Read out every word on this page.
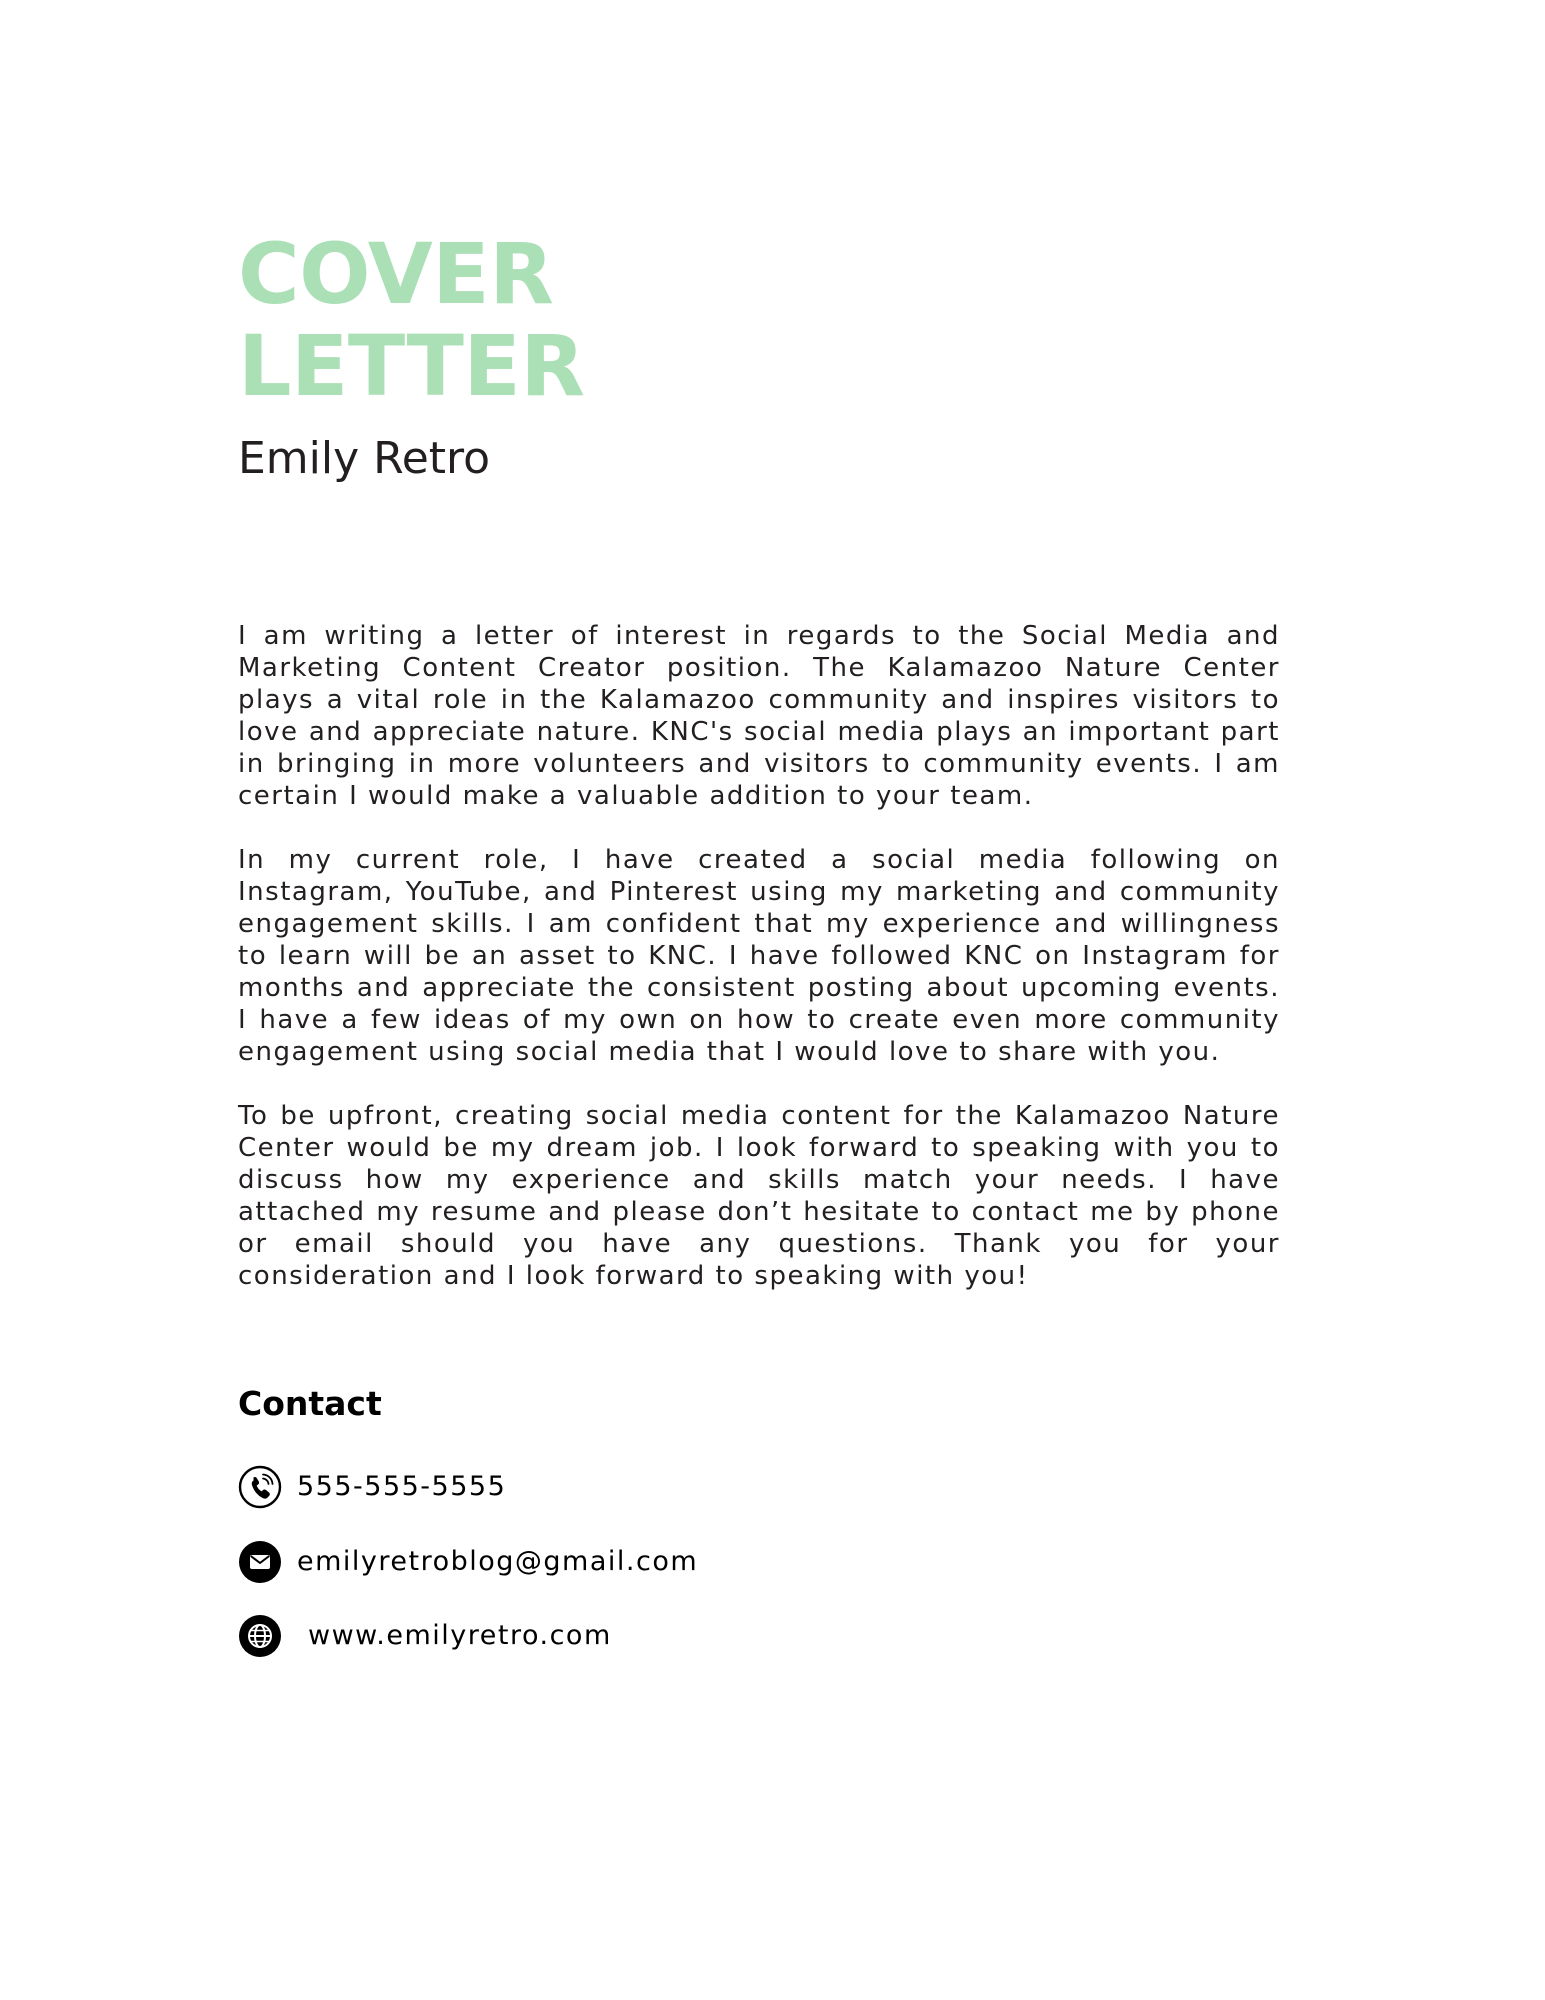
COVER
LETTER
Emily Retro

I am writing a letter of interest in regards to the Social Media and Marketing Content Creator position. The Kalamazoo Nature Center plays a vital role in the Kalamazoo community and inspires visitors to love and appreciate nature. KNC's social media plays an important part in bringing in more volunteers and visitors to community events. I am certain I would make a valuable addition to your team.

In my current role, I have created a social media following on Instagram, YouTube, and Pinterest using my marketing and community engagement skills. I am confident that my experience and willingness to learn will be an asset to KNC. I have followed KNC on Instagram for months and appreciate the consistent posting about upcoming events. I have a few ideas of my own on how to create even more community engagement using social media that I would love to share with you.

To be upfront, creating social media content for the Kalamazoo Nature Center would be my dream job. I look forward to speaking with you to discuss how my experience and skills match your needs. I have attached my resume and please don’t hesitate to contact me by phone or email should you have any questions. Thank you for your consideration and I look forward to speaking with you!

Contact
555-555-5555
emilyretroblog@gmail.com
www.emilyretro.com
